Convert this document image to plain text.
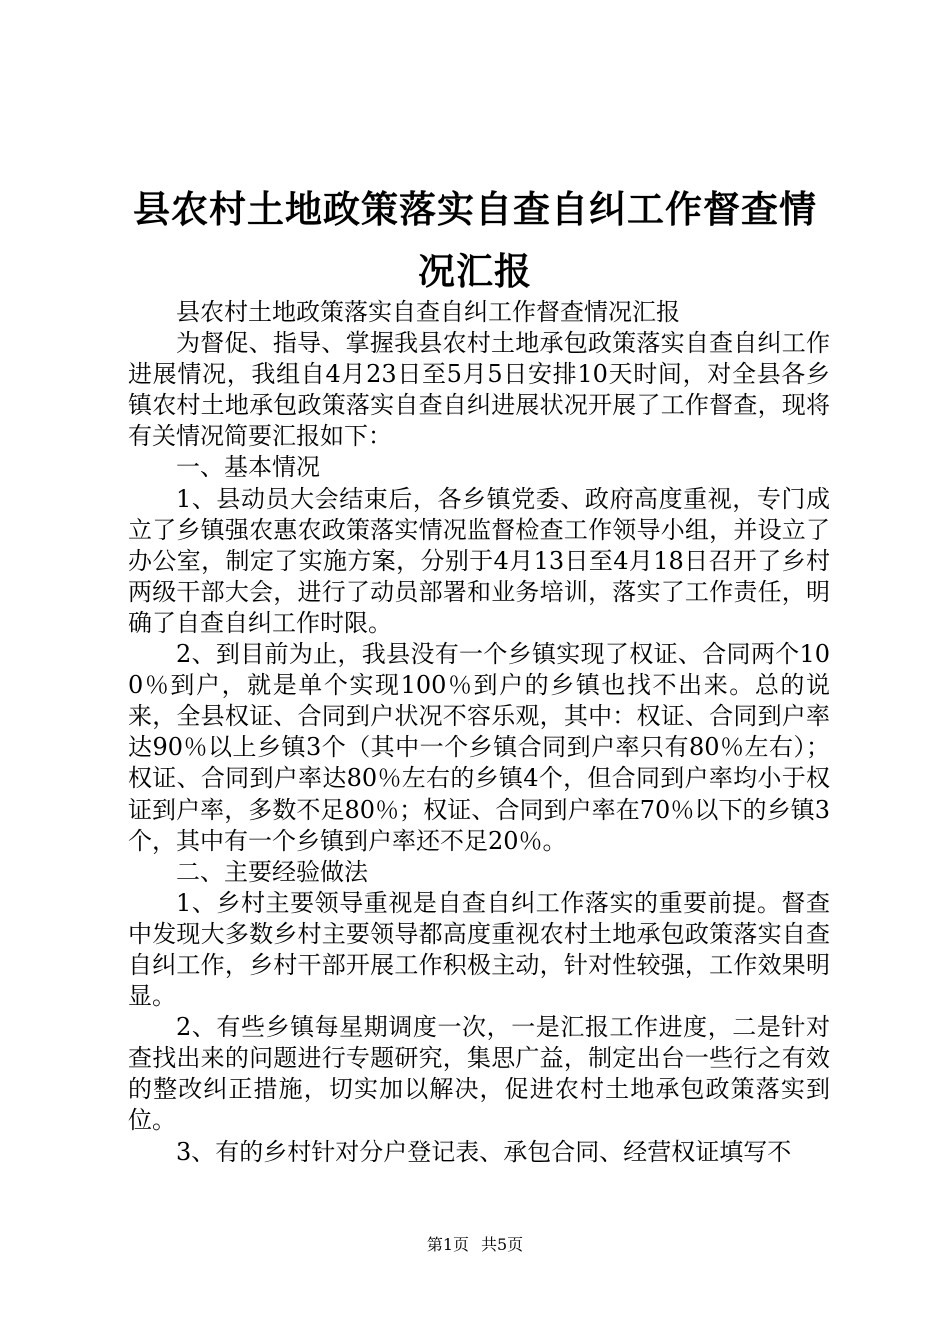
县农村土地政策落实自查自纠工作督查情况汇报

县农村土地政策落实自查自纠工作督查情况汇报

为督促、指导、掌握我县农村土地承包政策落实自查自纠工作进展情况，我组自4月23日至5月5日安排10天时间，对全县各乡镇农村土地承包政策落实自查自纠进展状况开展了工作督查，现将有关情况简要汇报如下：

一、基本情况

1、县动员大会结束后，各乡镇党委、政府高度重视，专门成立了乡镇强农惠农政策落实情况监督检查工作领导小组，并设立了办公室，制定了实施方案，分别于4月13日至4月18日召开了乡村两级干部大会，进行了动员部署和业务培训，落实了工作责任，明确了自查自纠工作时限。

2、到目前为止，我县没有一个乡镇实现了权证、合同两个100％到户，就是单个实现100％到户的乡镇也找不出来。总的说来，全县权证、合同到户状况不容乐观，其中：权证、合同到户率达90％以上乡镇3个（其中一个乡镇合同到户率只有80％左右）；权证、合同到户率达80％左右的乡镇4个，但合同到户率均小于权证到户率，多数不足80％；权证、合同到户率在70％以下的乡镇3个，其中有一个乡镇到户率还不足20％。

二、主要经验做法

1、乡村主要领导重视是自查自纠工作落实的重要前提。督查中发现大多数乡村主要领导都高度重视农村土地承包政策落实自查自纠工作，乡村干部开展工作积极主动，针对性较强，工作效果明显。

2、有些乡镇每星期调度一次，一是汇报工作进度，二是针对查找出来的问题进行专题研究，集思广益，制定出台一些行之有效的整改纠正措施，切实加以解决，促进农村土地承包政策落实到位。

3、有的乡村针对分户登记表、承包合同、经营权证填写不

第1页 共5页
